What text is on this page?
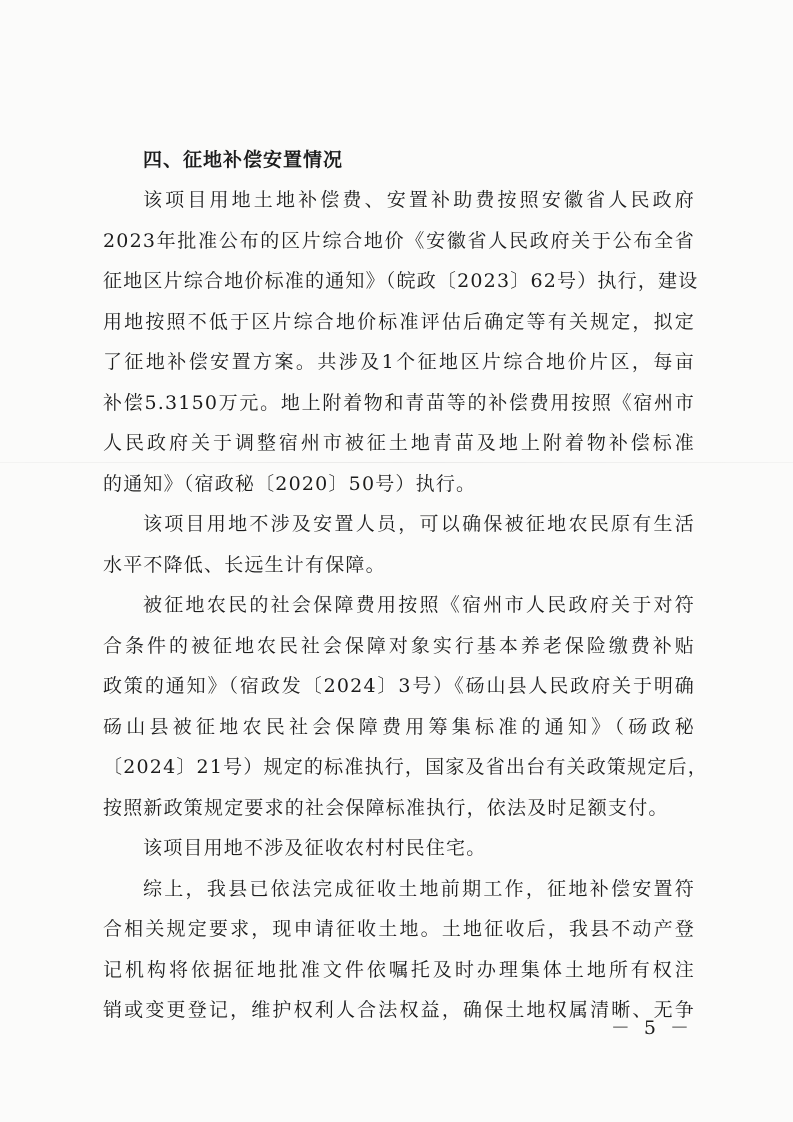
四、征地补偿安置情况
该项目用地土地补偿费、安置补助费按照安徽省人民政府
2023年批准公布的区片综合地价《安徽省人民政府关于公布全省
征地区片综合地价标准的通知》（皖政〔2023〕62号）执行，建设
用地按照不低于区片综合地价标准评估后确定等有关规定，拟定
了征地补偿安置方案。共涉及1个征地区片综合地价片区，每亩
补偿5.3150万元。地上附着物和青苗等的补偿费用按照《宿州市
人民政府关于调整宿州市被征土地青苗及地上附着物补偿标准
的通知》（宿政秘〔2020〕50号）执行。
该项目用地不涉及安置人员，可以确保被征地农民原有生活
水平不降低、长远生计有保障。
被征地农民的社会保障费用按照《宿州市人民政府关于对符
合条件的被征地农民社会保障对象实行基本养老保险缴费补贴
政策的通知》（宿政发〔2024〕3号）《砀山县人民政府关于明确
砀山县被征地农民社会保障费用筹集标准的通知》（砀政秘
〔2024〕21号）规定的标准执行，国家及省出台有关政策规定后，
按照新政策规定要求的社会保障标准执行，依法及时足额支付。
该项目用地不涉及征收农村村民住宅。
综上，我县已依法完成征收土地前期工作，征地补偿安置符
合相关规定要求，现申请征收土地。土地征收后，我县不动产登
记机构将依据征地批准文件依嘱托及时办理集体土地所有权注
销或变更登记，维护权利人合法权益，确保土地权属清晰、无争
－ 5 －
